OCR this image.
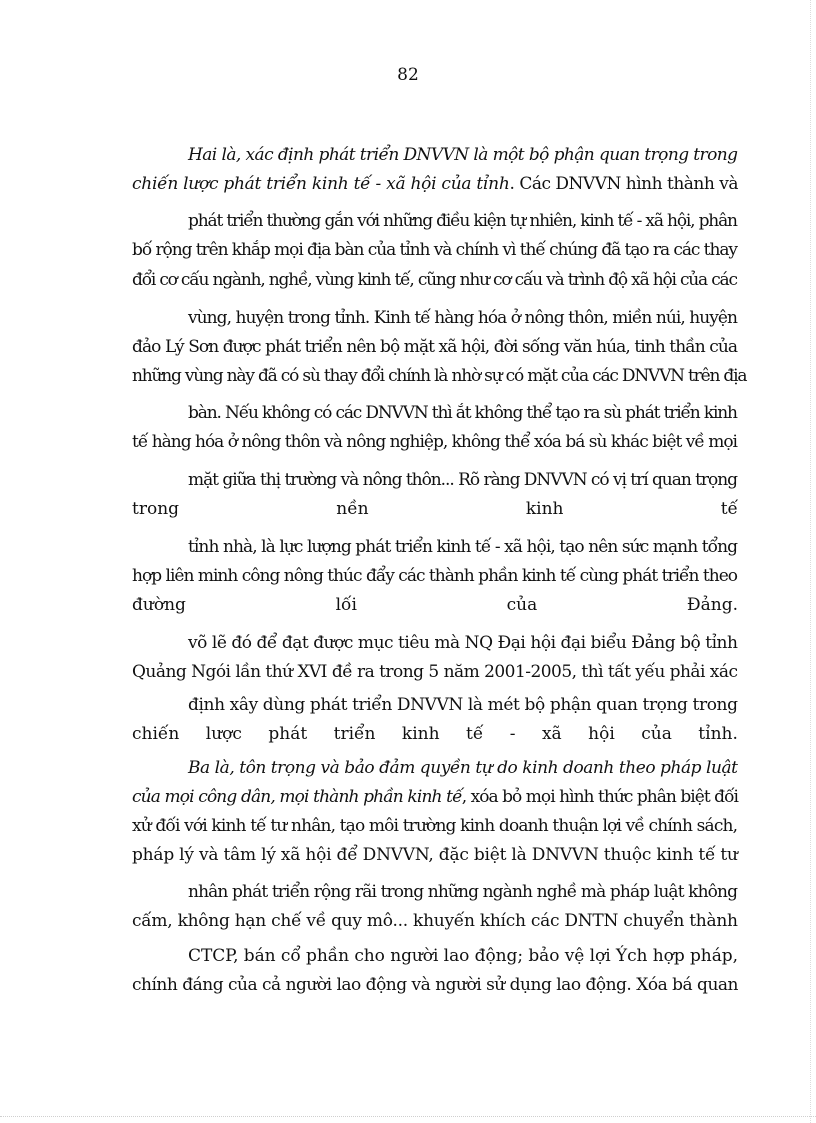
82
Hai là, xác định phát triển DNVVN là một bộ phận quan trọng trong
chiến lược phát triển kinh tế - xã hội của tỉnh . Các DNVVN hình thành và
phát triển thường gắn với những điều kiện tự nhiên, kinh tế - xã hội, phân
bố rộng trên khắp mọi địa bàn của tỉnh và chính vì thế chúng đã tạo ra các thay
đổi cơ cấu ngành, nghề, vùng kinh tế, cũng như cơ cấu và trình độ xã hội của các
vùng, huyện trong tỉnh. Kinh tế hàng hóa ở nông thôn, miền núi, huyện
đảo Lý Sơn được phát triển nên bộ mặt xã hội, đời sống văn húa, tinh thần của
những vùng này đã có sù thay đổi chính là nhờ sự có mặt của các DNVVN trên địa
bàn. Nếu không có các DNVVN thì ắt không thể tạo ra sù phát triển kinh
tế hàng hóa ở nông thôn và nông nghiệp, không thể xóa bá sù khác biệt về mọi
mặt giữa thị trường và nông thôn... Rõ ràng DNVVN có vị trí quan trọng
trong	nền	kinh	tế
tỉnh nhà, là lực lượng phát triển kinh tế - xã hội, tạo nên sức mạnh tổng
hợp liên minh công nông thúc đẩy các thành phần kinh tế cùng phát triển theo
đường	lối	của	Đảng.
võ lẽ đó để đạt được mục tiêu mà NQ Đại hội đại biểu Đảng bộ tỉnh
Quảng Ngói lần thứ XVI đề ra trong 5 năm 2001-2005, thì tất yếu phải xác
định xây dùng phát triển DNVVN là mét bộ phận quan trọng trong
chiến lược phát triển kinh tế - xã hội của tỉnh.
Ba là, tôn trọng và bảo đảm quyền tự do kinh doanh theo pháp luật
của mọi công dân, mọi thành phần kinh tế , xóa bỏ mọi hình thức phân biệt đối
xử đối với kinh tế tư nhân, tạo môi trường kinh doanh thuận lợi về chính sách,
pháp lý và tâm lý xã hội để DNVVN, đặc biệt là DNVVN thuộc kinh tế tư
nhân phát triển rộng rãi trong những ngành nghề mà pháp luật không
cấm, không hạn chế về quy mô... khuyến khích các DNTN chuyển thành
CTCP, bán cổ phần cho người lao động; bảo vệ lợi Ých hợp pháp,
chính đáng của cả người lao động và người sử dụng lao động. Xóa bá quan
